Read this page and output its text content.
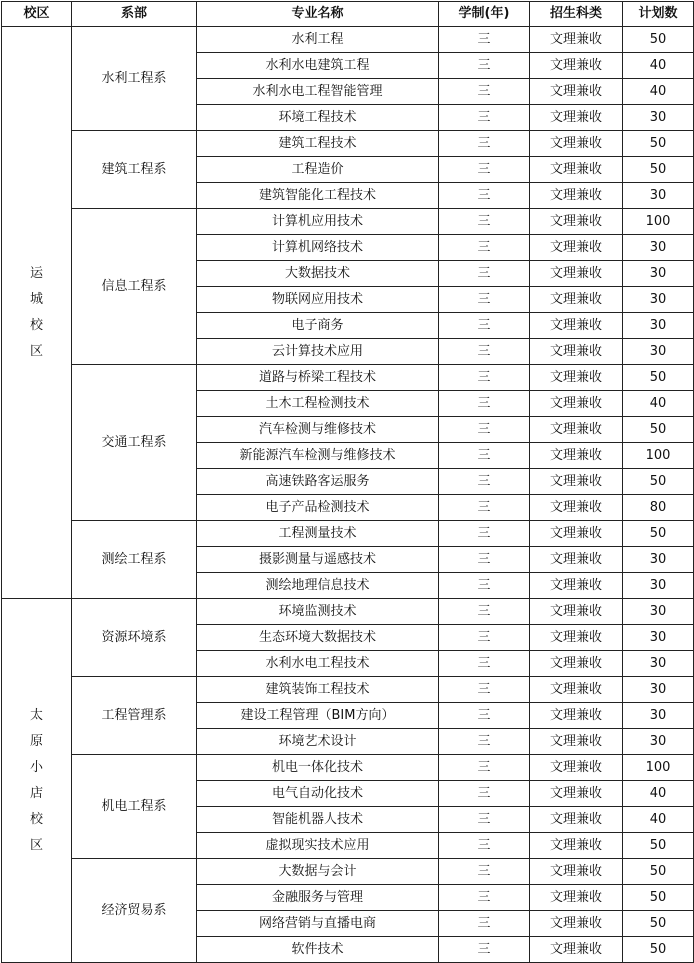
校区	系部	专业名称	学制(年)	招生科类	计划数
运城校区	水利工程系	水利工程	三	文理兼收	50
		水利水电建筑工程	三	文理兼收	40
		水利水电工程智能管理	三	文理兼收	40
		环境工程技术	三	文理兼收	30
	建筑工程系	建筑工程技术	三	文理兼收	50
		工程造价	三	文理兼收	50
		建筑智能化工程技术	三	文理兼收	30
	信息工程系	计算机应用技术	三	文理兼收	100
		计算机网络技术	三	文理兼收	30
		大数据技术	三	文理兼收	30
		物联网应用技术	三	文理兼收	30
		电子商务	三	文理兼收	30
		云计算技术应用	三	文理兼收	30
	交通工程系	道路与桥梁工程技术	三	文理兼收	50
		土木工程检测技术	三	文理兼收	40
		汽车检测与维修技术	三	文理兼收	50
		新能源汽车检测与维修技术	三	文理兼收	100
		高速铁路客运服务	三	文理兼收	50
		电子产品检测技术	三	文理兼收	80
	测绘工程系	工程测量技术	三	文理兼收	50
		摄影测量与遥感技术	三	文理兼收	30
		测绘地理信息技术	三	文理兼收	30
太原小店校区	资源环境系	环境监测技术	三	文理兼收	30
		生态环境大数据技术	三	文理兼收	30
		水利水电工程技术	三	文理兼收	30
	工程管理系	建筑装饰工程技术	三	文理兼收	30
		建设工程管理（BIM方向）	三	文理兼收	30
		环境艺术设计	三	文理兼收	30
	机电工程系	机电一体化技术	三	文理兼收	100
		电气自动化技术	三	文理兼收	40
		智能机器人技术	三	文理兼收	40
		虚拟现实技术应用	三	文理兼收	50
	经济贸易系	大数据与会计	三	文理兼收	50
		金融服务与管理	三	文理兼收	50
		网络营销与直播电商	三	文理兼收	50
		软件技术	三	文理兼收	50
